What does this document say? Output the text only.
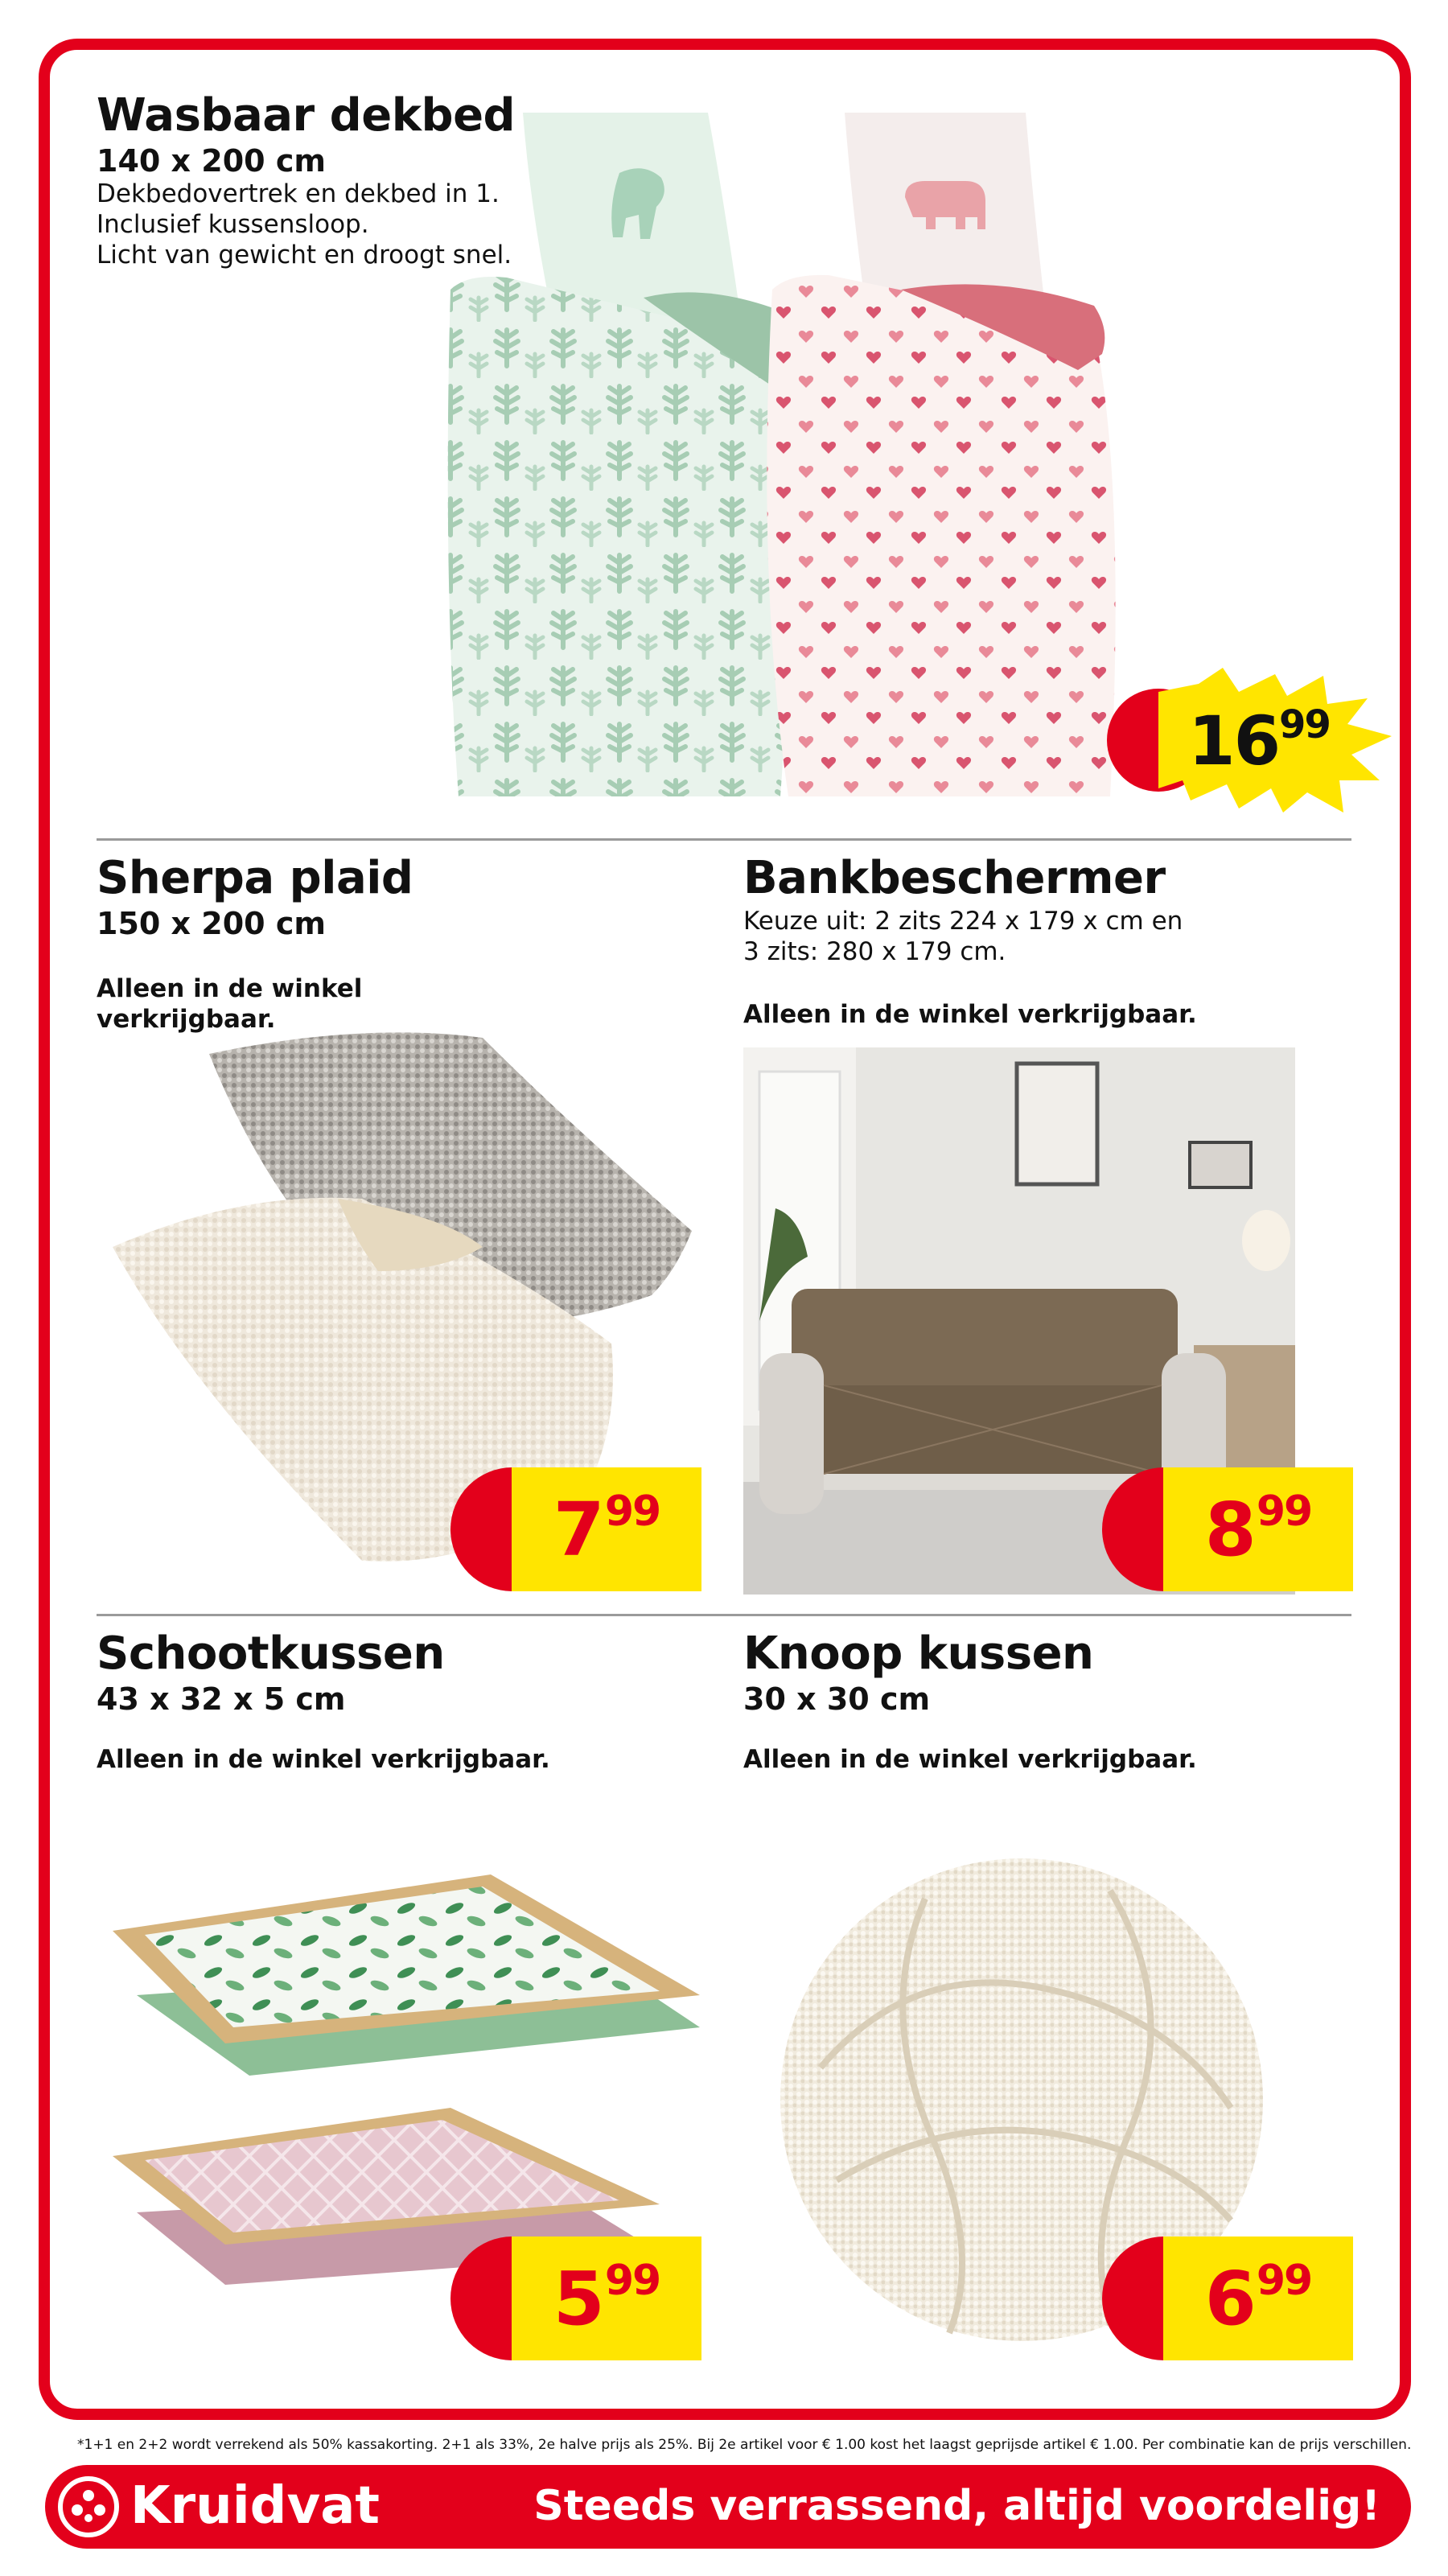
Wasbaar dekbed
140 x 200 cm
Dekbedovertrek en dekbed in 1.
Inclusief kussensloop.
Licht van gewicht en droogt snel.
16 99
Sherpa plaid
150 x 200 cm
Alleen in de winkel
verkrijgbaar.
7 99
Bankbeschermer
Keuze uit: 2 zits 224 x 179 x cm en
3 zits: 280 x 179 cm.
Alleen in de winkel verkrijgbaar.
8 99
Schootkussen
43 x 32 x 5 cm
Alleen in de winkel verkrijgbaar.
5 99
Knoop kussen
30 x 30 cm
Alleen in de winkel verkrijgbaar.
6 99
*1+1 en 2+2 wordt verrekend als 50% kassakorting. 2+1 als 33%, 2e halve prijs als 25%. Bij 2e artikel voor € 1.00 kost het laagst geprijsde artikel € 1.00. Per combinatie kan de prijs verschillen.
Kruidvat	Steeds verrassend, altijd voordelig!
